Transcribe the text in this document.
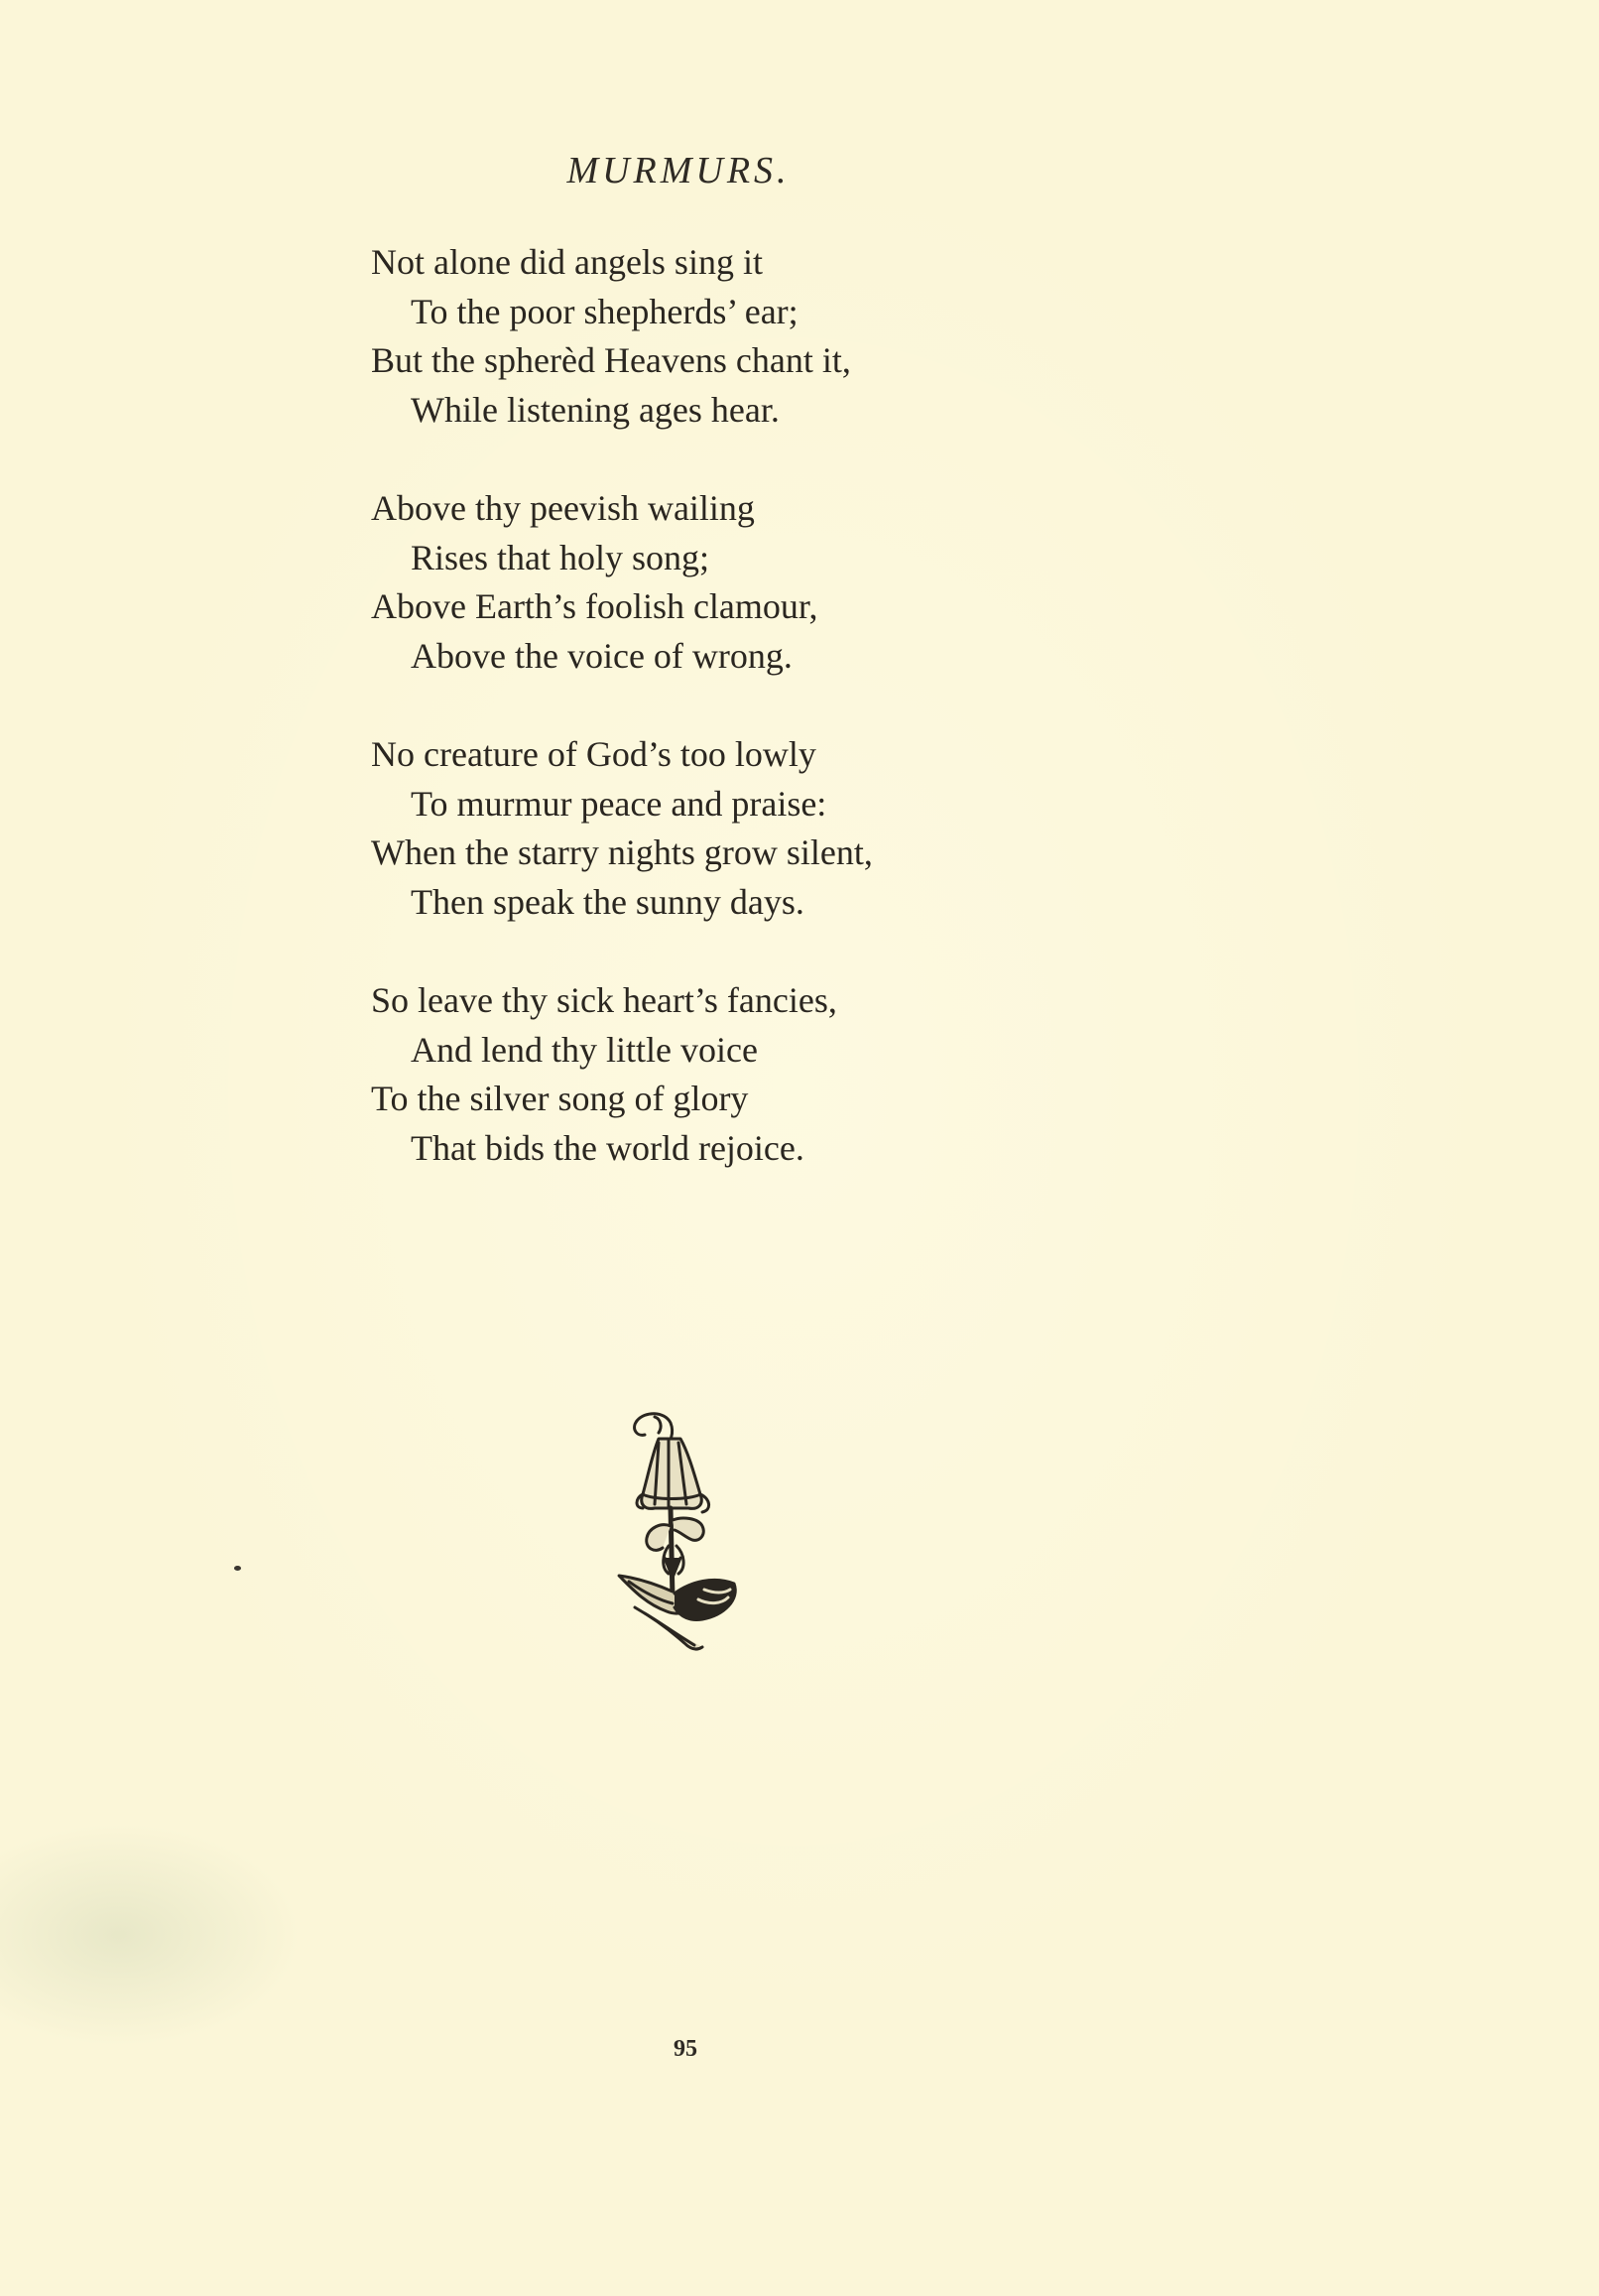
MURMURS.
Not alone did angels sing it
To the poor shepherds’ ear;
But the spherèd Heavens chant it,
While listening ages hear.
Above thy peevish wailing
Rises that holy song;
Above Earth’s foolish clamour,
Above the voice of wrong.
No creature of God’s too lowly
To murmur peace and praise:
When the starry nights grow silent,
Then speak the sunny days.
So leave thy sick heart’s fancies,
And lend thy little voice
To the silver song of glory
That bids the world rejoice.
95
